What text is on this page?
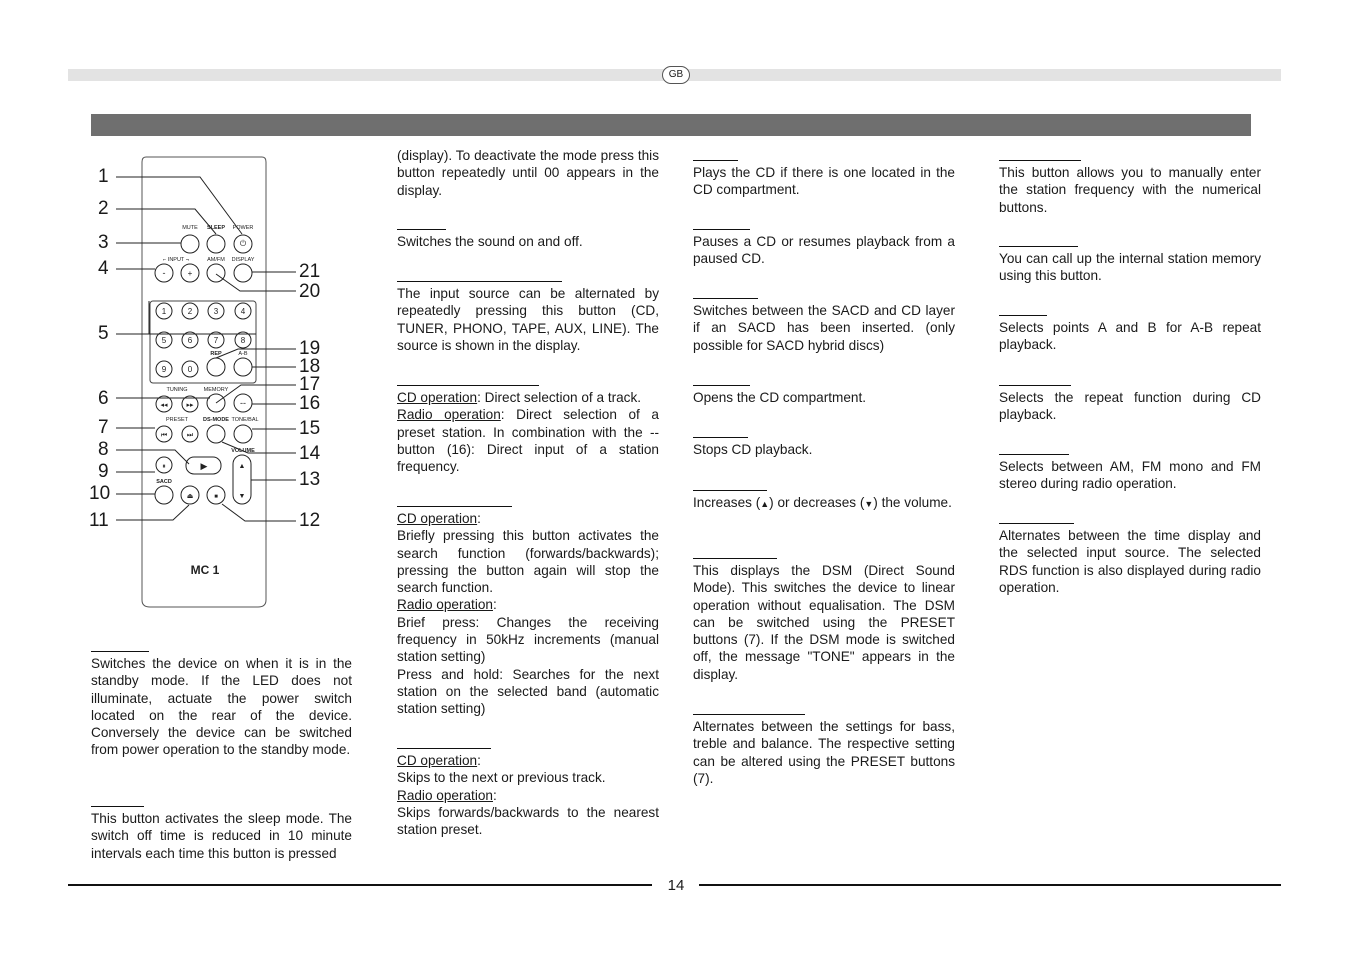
GB
MUTE SLEEP POWER
⌐ INPUT ¬	AM/FM DISPLAY
-	+
⏻
1	2	3	4
5	6	7	8
9	0
REP	A-B
TUNING	MEMORY
◂◂	▸▸	--
PRESET	DS-MODE TONE/BAL
⏮	⏭
▶
⏸
SACD
⏏	■
VOLUME
▲
▼
MC 1
1
2
3
4
5
6
7
8
9
10
11	12
13
14
15
16
17
18
19
20
21

Switches the device on when it is in the standby mode. If the LED does not illuminate, actuate the power switch located on the rear of the device. Conversely the device can be switched from power operation to the standby mode.

This button activates the sleep mode. The switch off time is reduced in 10 minute intervals each time this button is pressed

(display). To deactivate the mode press this button repeatedly until 00 appears in the display.

Switches the sound on and off.

The input source can be alternated by repeatedly pressing this button (CD, TUNER, PHONO, TAPE, AUX, LINE). The source is shown in the display.

CD operation: Direct selection of a track.

Radio operation: Direct selection of a preset station. In combination with the -- button (16): Direct input of a station frequency.

CD operation:

Briefly pressing this button activates the search function (forwards/backwards); pressing the button again will stop the search function.

Radio operation:

Brief press: Changes the receiving frequency in 50kHz increments (manual station setting)

Press and hold: Searches for the next station on the selected band (automatic station setting)

CD operation:

Skips to the next or previous track.

Radio operation:

Skips forwards/backwards to the nearest station preset.

Plays the CD if there is one located in the CD compartment.

Pauses a CD or resumes playback from a paused CD.

Switches between the SACD and CD layer if an SACD has been inserted. (only possible for SACD hybrid discs)

Opens the CD compartment.

Stops CD playback.

Increases (▲) or decreases (▼) the volume.

This displays the DSM (Direct Sound Mode). This switches the device to linear operation without equalisation. The DSM can be switched using the PRESET buttons (7). If the DSM mode is switched off, the message "TONE" appears in the display.

Alternates between the settings for bass, treble and balance. The respective setting can be altered using the PRESET buttons (7).

This button allows you to manually enter the station frequency with the numerical buttons.

You can call up the internal station memory using this button.

Selects points A and B for A-B repeat playback.

Selects the repeat function during CD playback.

Selects between AM, FM mono and FM stereo during radio operation.

Alternates between the time display and the selected input source. The selected RDS function is also displayed during radio operation.

14
